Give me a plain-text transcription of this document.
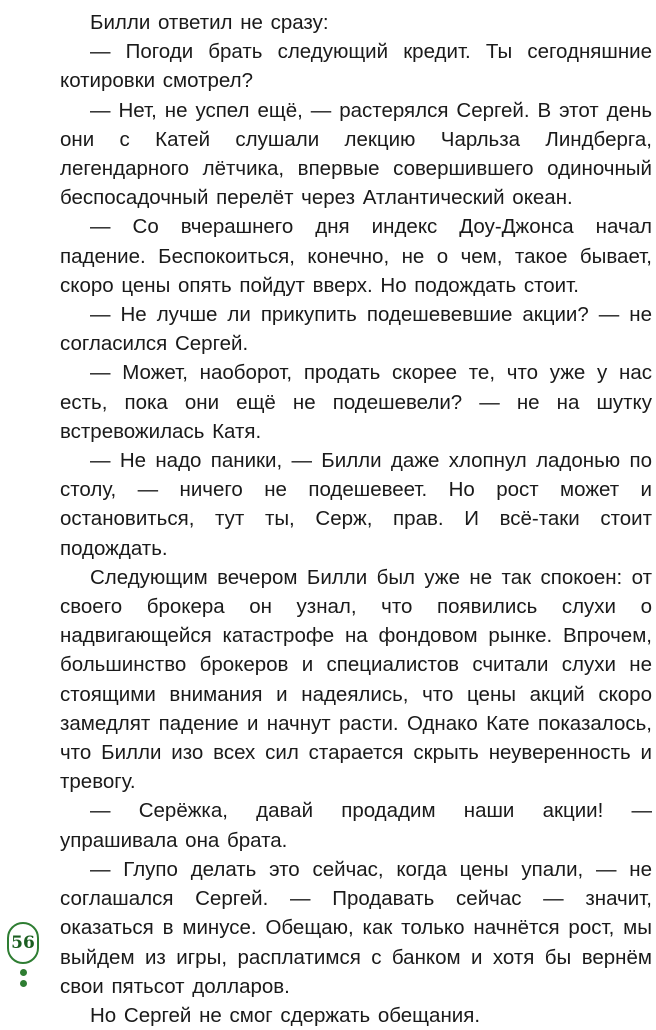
Билли ответил не сразу:

— Погоди брать следующий кредит. Ты сегодняшние котировки смотрел?

— Нет, не успел ещё, — растерялся Сергей. В этот день они с Катей слушали лекцию Чарльза Линдберга, легендарного лётчика, впервые совершившего одиночный беспосадочный перелёт через Атлантический океан.

— Со вчерашнего дня индекс Доу-Джонса начал падение. Беспокоиться, конечно, не о чем, такое бывает, скоро цены опять пойдут вверх. Но подождать стоит.

— Не лучше ли прикупить подешевевшие акции? — не согласился Сергей.

— Может, наоборот, продать скорее те, что уже у нас есть, пока они ещё не подешевели? — не на шутку встревожилась Катя.

— Не надо паники, — Билли даже хлопнул ладонью по столу, — ничего не подешевеет. Но рост может и остановиться, тут ты, Серж, прав. И всё-таки стоит подождать.

Следующим вечером Билли был уже не так спокоен: от своего брокера он узнал, что появились слухи о надвигающейся катастрофе на фондовом рынке. Впрочем, большинство брокеров и специалистов считали слухи не стоящими внимания и надеялись, что цены акций скоро замедлят падение и начнут расти. Однако Кате показалось, что Билли изо всех сил старается скрыть неуверенность и тревогу.

— Серёжка, давай продадим наши акции! — упрашивала она брата.

— Глупо делать это сейчас, когда цены упали, — не соглашался Сергей. — Продавать сейчас — значит, оказаться в минусе. Обещаю, как только начнётся рост, мы выйдем из игры, расплатимся с банком и хотя бы вернём свои пятьсот долларов.

Но Сергей не смог сдержать обещания.

56
